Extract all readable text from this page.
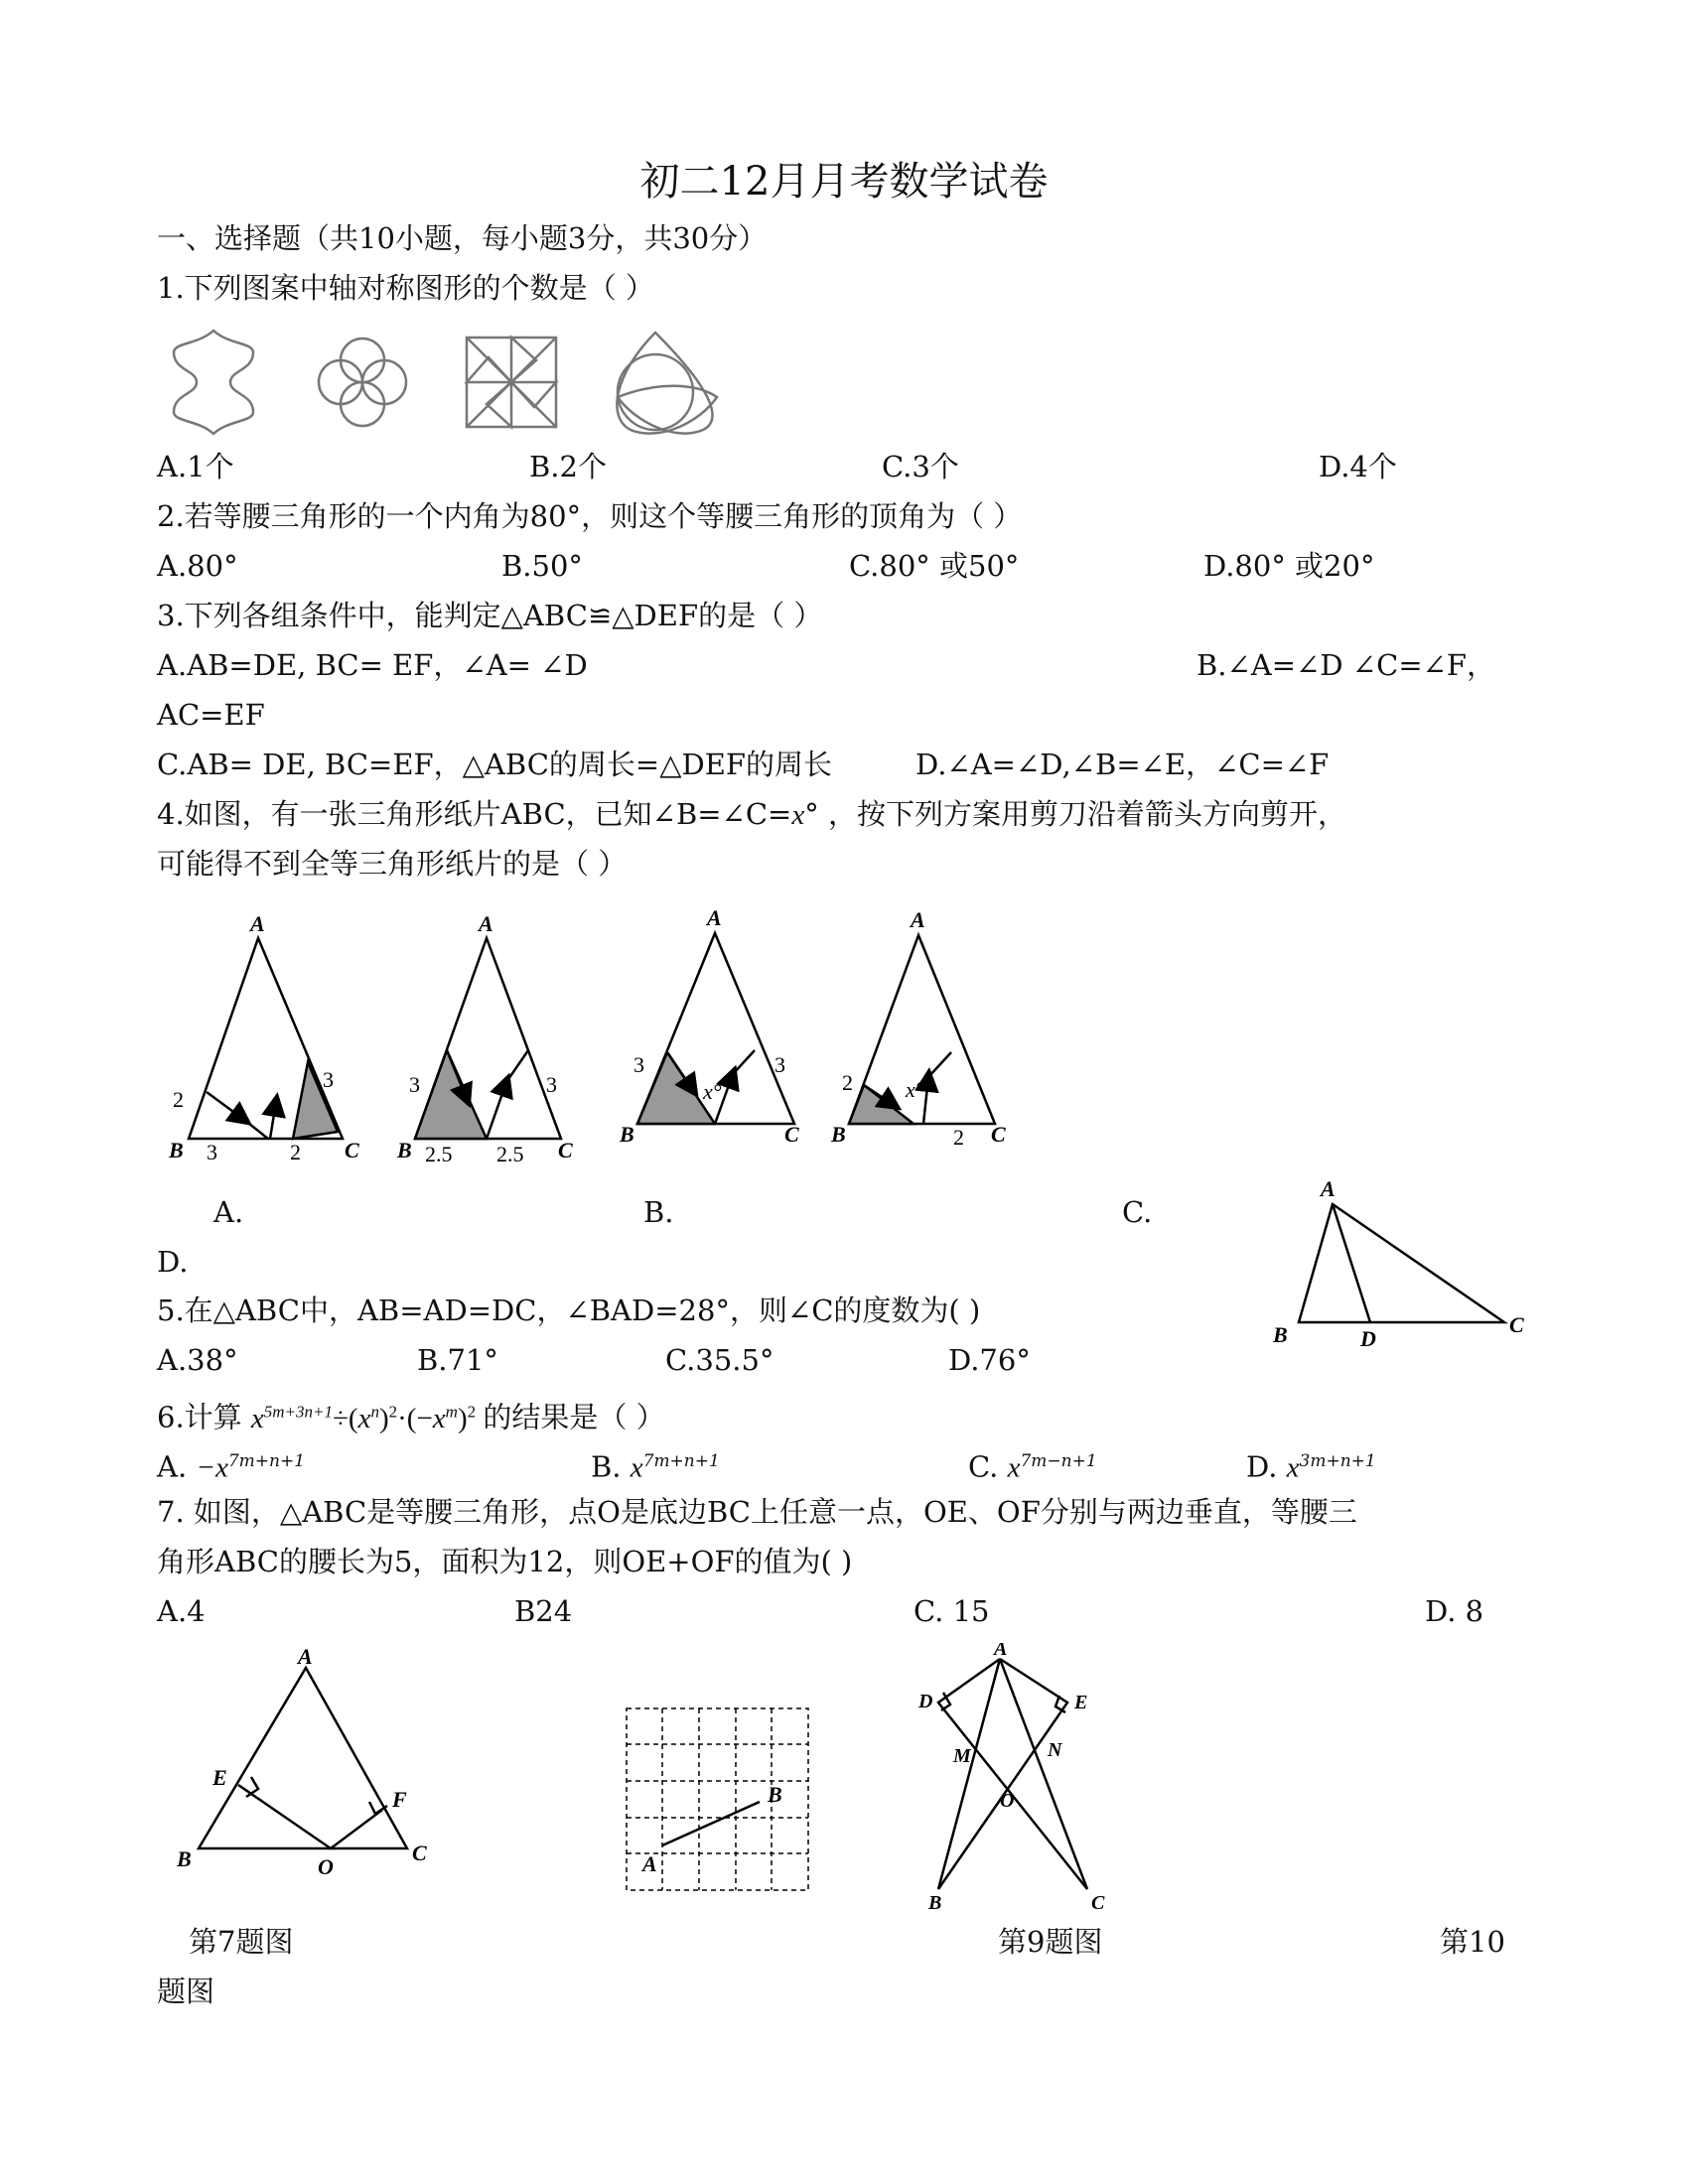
初二12月月考数学试卷
一、选择题（共10小题，每小题3分，共30分）
1.下列图案中轴对称图形的个数是（ ）
A.1个	B.2个	C.3个	D.4个
2.若等腰三角形的一个内角为80°，则这个等腰三角形的顶角为（ ）
A.80°	B.50°	C.80° 或50°	D.80° 或20°
3.下列各组条件中，能判定△ABC≌△DEF的是（ ）
A.AB=DE, BC= EF，∠A= ∠D	B.∠A=∠D ∠C=∠F，
AC=EF
C.AB= DE, BC=EF，△ABC的周长=△DEF的周长	D.∠A=∠D,∠B=∠E，∠C=∠F
4.如图，有一张三角形纸片ABC，已知∠B=∠C=x° ，按下列方案用剪刀沿着箭头方向剪开，
可能得不到全等三角形纸片的是（ ）
A
B	C
A
B	C
A
B	C
A
B	C
2
3	2
3	3
2.5 2.5
3
3	3
x°	2 x°
2
A.	B.	C.
D.
A
B	D
C
5.在△ABC中，AB=AD=DC，∠BAD=28°，则∠C的度数为( )
A.38°	B.71°	C.35.5°	D.76°
6.计算 $x^{5m+3n+1}\div(x^n)^2\cdot(-x^m)^2$ 的结果是（ ）
A. $-x^{7m+n+1}$	B. $x^{7m+n+1}$	C. $x^{7m-n+1}$	D. $x^{3m+n+1}$
7. 如图，△ABC是等腰三角形，点O是底边BC上任意一点，OE、OF分别与两边垂直，等腰三
角形ABC的腰长为5，面积为12，则OE+OF的值为( )
A.4	B24	C. 15	D. 8
A
B	C
E
F
O	A
B
A
D	E
M	N
O
B	C
第7题图	第9题图	第10
题图
